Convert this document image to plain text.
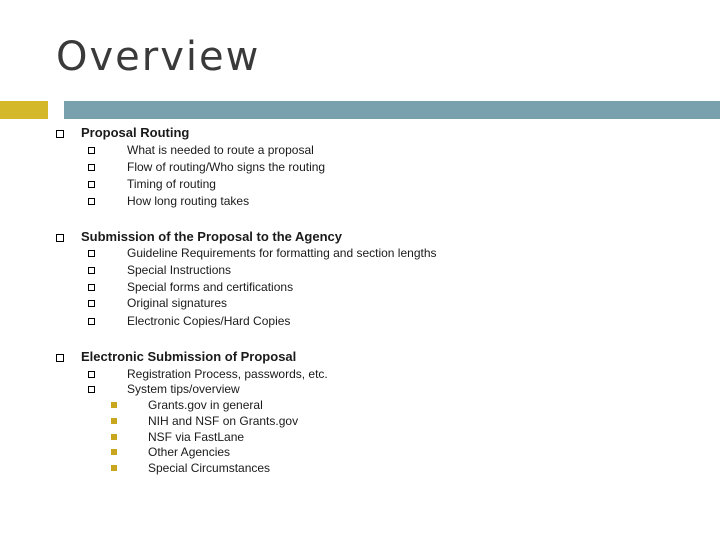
Overview
Proposal Routing
What is needed to route a proposal
Flow of routing/Who signs the routing
Timing of routing
How long routing takes
Submission of the Proposal to the Agency
Guideline Requirements for formatting and section lengths
Special Instructions
Special forms and certifications
Original signatures
Electronic Copies/Hard Copies
Electronic Submission of Proposal
Registration Process, passwords, etc.
System tips/overview
Grants.gov in general
NIH and NSF on Grants.gov
NSF via FastLane
Other Agencies
Special Circumstances
